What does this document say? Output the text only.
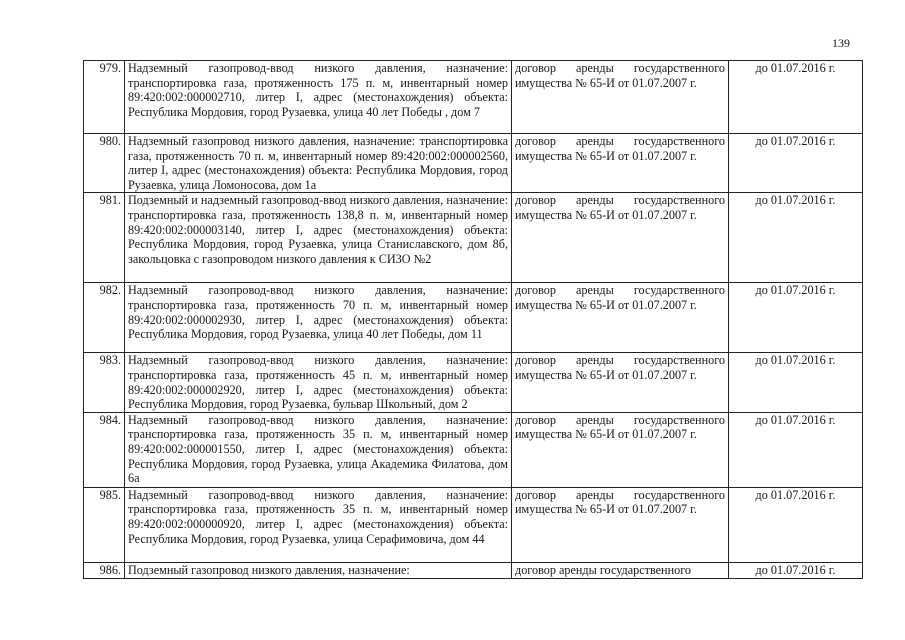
139
979.	Надземный газопровод-ввод низкого давления, назначение: транспортировка газа, протяженность 175 п. м, инвентарный номер 89:420:002:000002710, литер I, адрес (местонахождения) объекта: Республика Мордовия, город Рузаевка, улица 40 лет Победы , дом 7	договор аренды государственного имущества № 65-И от 01.07.2007 г.	до 01.07.2016 г.
980.	Надземный газопровод низкого давления, назначение: транспортировка газа, протяженность 70 п. м, инвентарный номер 89:420:002:000002560, литер I, адрес (местонахождения) объекта: Республика Мордовия, город Рузаевка, улица Ломоносова, дом 1а	договор аренды государственного имущества № 65-И от 01.07.2007 г.	до 01.07.2016 г.
981.	Подземный и надземный газопровод-ввод низкого давления, назначение: транспортировка газа, протяженность 138,8 п. м, инвентарный номер 89:420:002:000003140, литер I, адрес (местонахождения) объекта: Республика Мордовия, город Рузаевка, улица Станиславского, дом 8б, закольцовка с газопроводом низкого давления к СИЗО №2	договор аренды государственного имущества № 65-И от 01.07.2007 г.	до 01.07.2016 г.
982.	Надземный газопровод-ввод низкого давления, назначение: транспортировка газа, протяженность 70 п. м, инвентарный номер 89:420:002:000002930, литер I, адрес (местонахождения) объекта: Республика Мордовия, город Рузаевка, улица 40 лет Победы, дом 11	договор аренды государственного имущества № 65-И от 01.07.2007 г.	до 01.07.2016 г.
983.	Надземный газопровод-ввод низкого давления, назначение: транспортировка газа, протяженность 45 п. м, инвентарный номер 89:420:002:000002920, литер I, адрес (местонахождения) объекта: Республика Мордовия, город Рузаевка, бульвар Школьный, дом 2	договор аренды государственного имущества № 65-И от 01.07.2007 г.	до 01.07.2016 г.
984.	Надземный газопровод-ввод низкого давления, назначение: транспортировка газа, протяженность 35 п. м, инвентарный номер 89:420:002:000001550, литер I, адрес (местонахождения) объекта: Республика Мордовия, город Рузаевка, улица Академика Филатова, дом 6а	договор аренды государственного имущества № 65-И от 01.07.2007 г.	до 01.07.2016 г.
985.	Надземный газопровод-ввод низкого давления, назначение: транспортировка газа, протяженность 35 п. м, инвентарный номер 89:420:002:000000920, литер I, адрес (местонахождения) объекта: Республика Мордовия, город Рузаевка, улица Серафимовича, дом 44	договор аренды государственного имущества № 65-И от 01.07.2007 г.	до 01.07.2016 г.
986.	Подземный газопровод низкого давления, назначение:	договор аренды государственного	до 01.07.2016 г.
